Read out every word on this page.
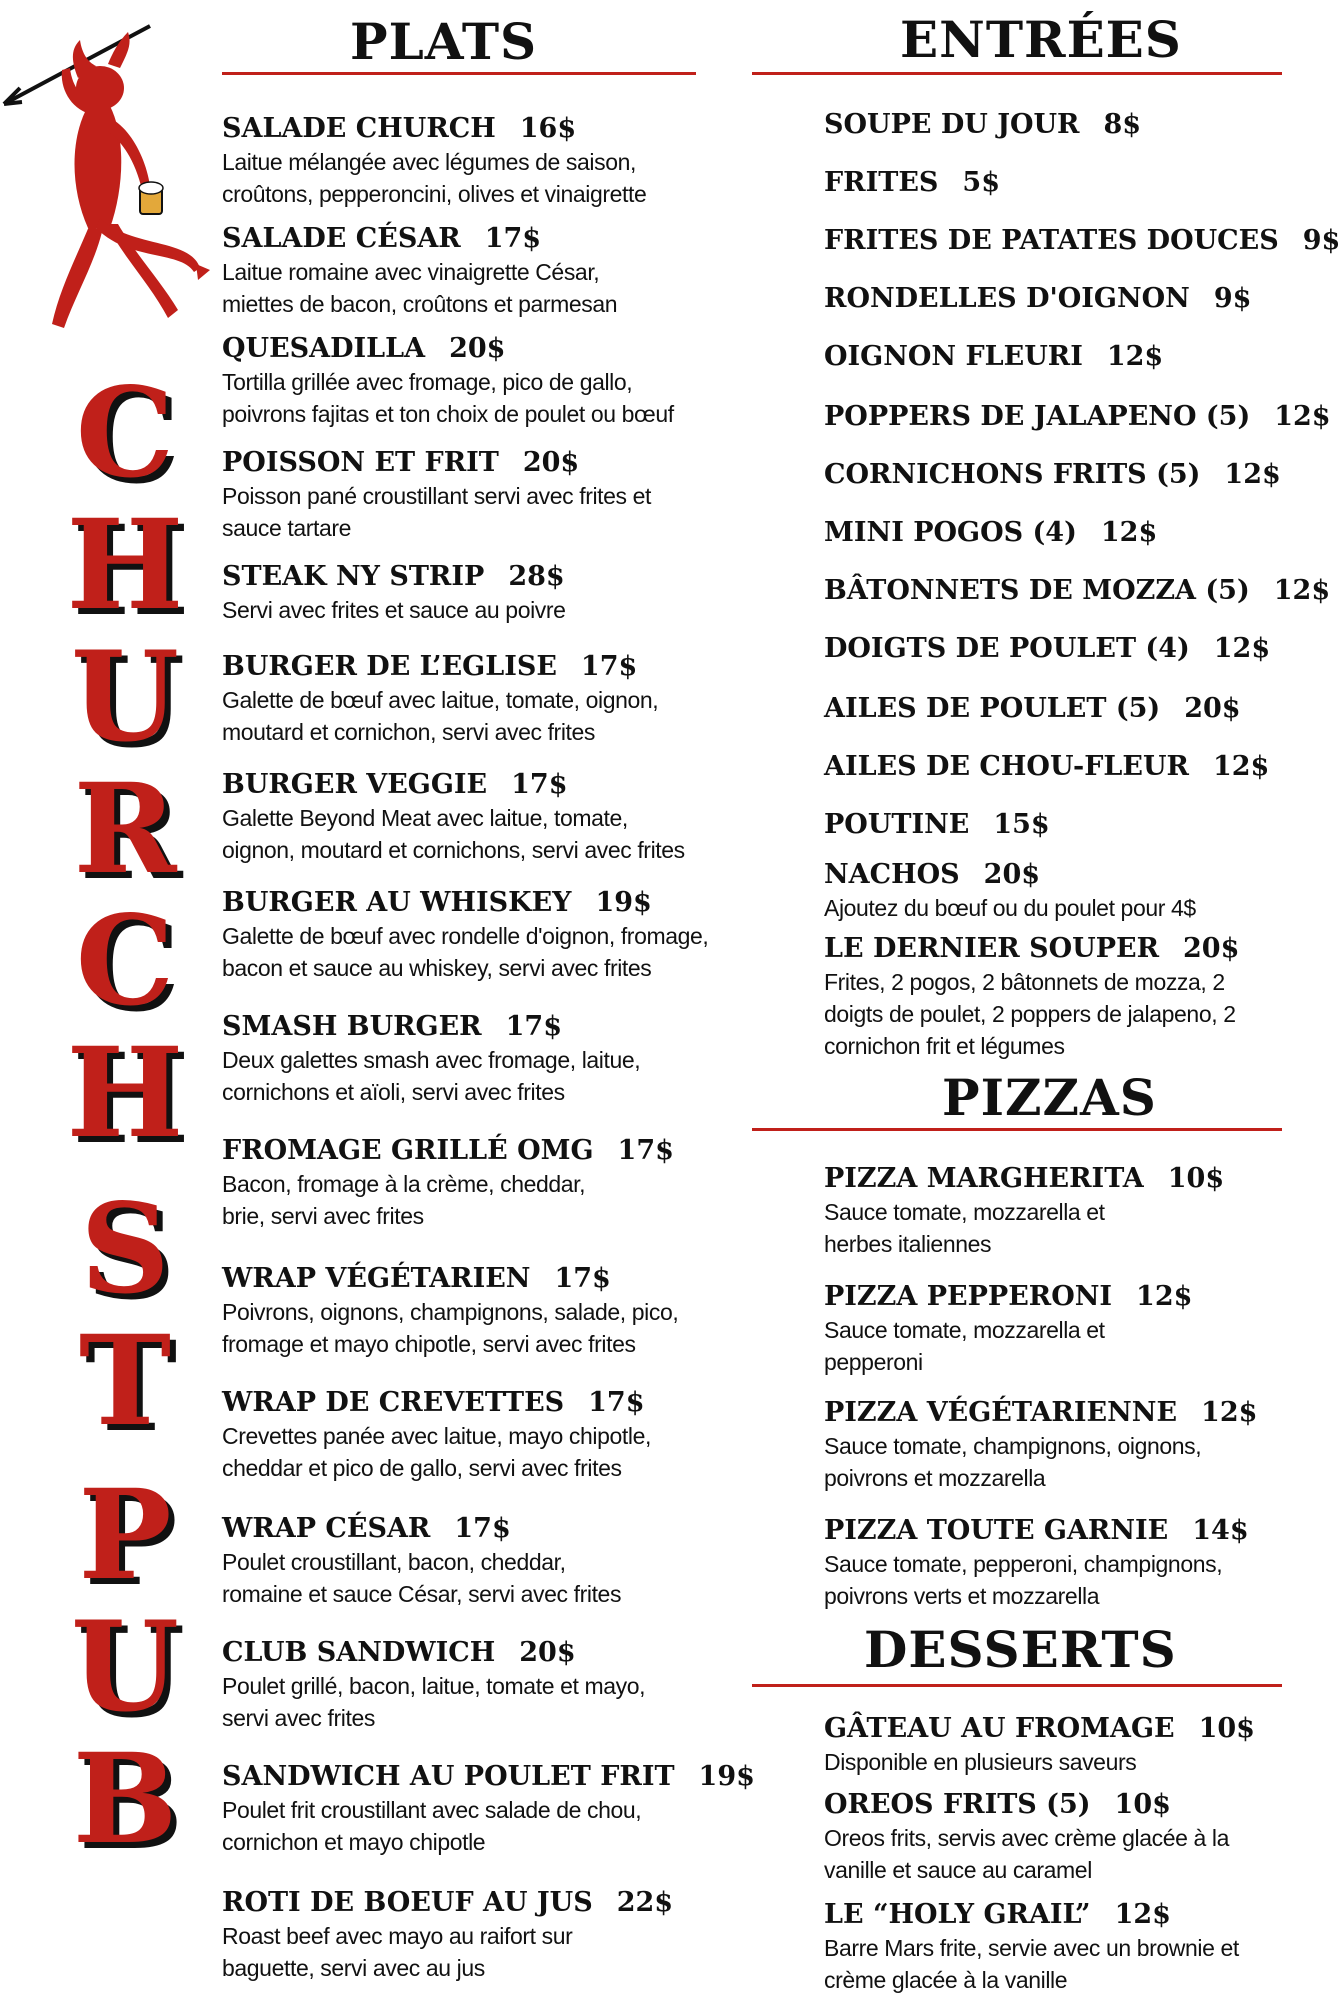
C
H
U
R
C
H
S
T
P
U
B
PLATS
SALADE CHURCH 16$
Laitue mélangée avec légumes de saison,
croûtons, pepperoncini, olives et vinaigrette
SALADE CÉSAR 17$
Laitue romaine avec vinaigrette César,
miettes de bacon, croûtons et parmesan
QUESADILLA 20$
Tortilla grillée avec fromage, pico de gallo,
poivrons fajitas et ton choix de poulet ou bœuf
POISSON ET FRIT 20$
Poisson pané croustillant servi avec frites et
sauce tartare
STEAK NY STRIP 28$
Servi avec frites et sauce au poivre
BURGER DE L’EGLISE 17$
Galette de bœuf avec laitue, tomate, oignon,
moutard et cornichon, servi avec frites
BURGER VEGGIE 17$
Galette Beyond Meat avec laitue, tomate,
oignon, moutard et cornichons, servi avec frites
BURGER AU WHISKEY 19$
Galette de bœuf avec rondelle d'oignon, fromage,
bacon et sauce au whiskey, servi avec frites
SMASH BURGER 17$
Deux galettes smash avec fromage, laitue,
cornichons et aïoli, servi avec frites
FROMAGE GRILLÉ OMG 17$
Bacon, fromage à la crème, cheddar,
brie, servi avec frites
WRAP VÉGÉTARIEN 17$
Poivrons, oignons, champignons, salade, pico,
fromage et mayo chipotle, servi avec frites
WRAP DE CREVETTES 17$
Crevettes panée avec laitue, mayo chipotle,
cheddar et pico de gallo, servi avec frites
WRAP CÉSAR 17$
Poulet croustillant, bacon, cheddar,
romaine et sauce César, servi avec frites
CLUB SANDWICH 20$
Poulet grillé, bacon, laitue, tomate et mayo,
servi avec frites
SANDWICH AU POULET FRIT 19$
Poulet frit croustillant avec salade de chou,
cornichon et mayo chipotle
ROTI DE BOEUF AU JUS 22$
Roast beef avec mayo au raifort sur
baguette, servi avec au jus
ENTRÉES
SOUPE DU JOUR 8$
FRITES 5$
FRITES DE PATATES DOUCES 9$
RONDELLES D'OIGNON 9$
OIGNON FLEURI 12$
POPPERS DE JALAPENO (5) 12$
CORNICHONS FRITS (5) 12$
MINI POGOS (4) 12$
BÂTONNETS DE MOZZA (5) 12$
DOIGTS DE POULET (4) 12$
AILES DE POULET (5) 20$
AILES DE CHOU-FLEUR 12$
POUTINE 15$
NACHOS 20$
Ajoutez du bœuf ou du poulet pour 4$
LE DERNIER SOUPER 20$
Frites, 2 pogos, 2 bâtonnets de mozza, 2
doigts de poulet, 2 poppers de jalapeno, 2
cornichon frit et légumes
PIZZAS
PIZZA MARGHERITA 10$
Sauce tomate, mozzarella et
herbes italiennes
PIZZA PEPPERONI 12$
Sauce tomate, mozzarella et
pepperoni
PIZZA VÉGÉTARIENNE 12$
Sauce tomate, champignons, oignons,
poivrons et mozzarella
PIZZA TOUTE GARNIE 14$
Sauce tomate, pepperoni, champignons,
poivrons verts et mozzarella
DESSERTS
GÂTEAU AU FROMAGE 10$
Disponible en plusieurs saveurs
OREOS FRITS (5) 10$
Oreos frits, servis avec crème glacée à la
vanille et sauce au caramel
LE “HOLY GRAIL” 12$
Barre Mars frite, servie avec un brownie et
crème glacée à la vanille
